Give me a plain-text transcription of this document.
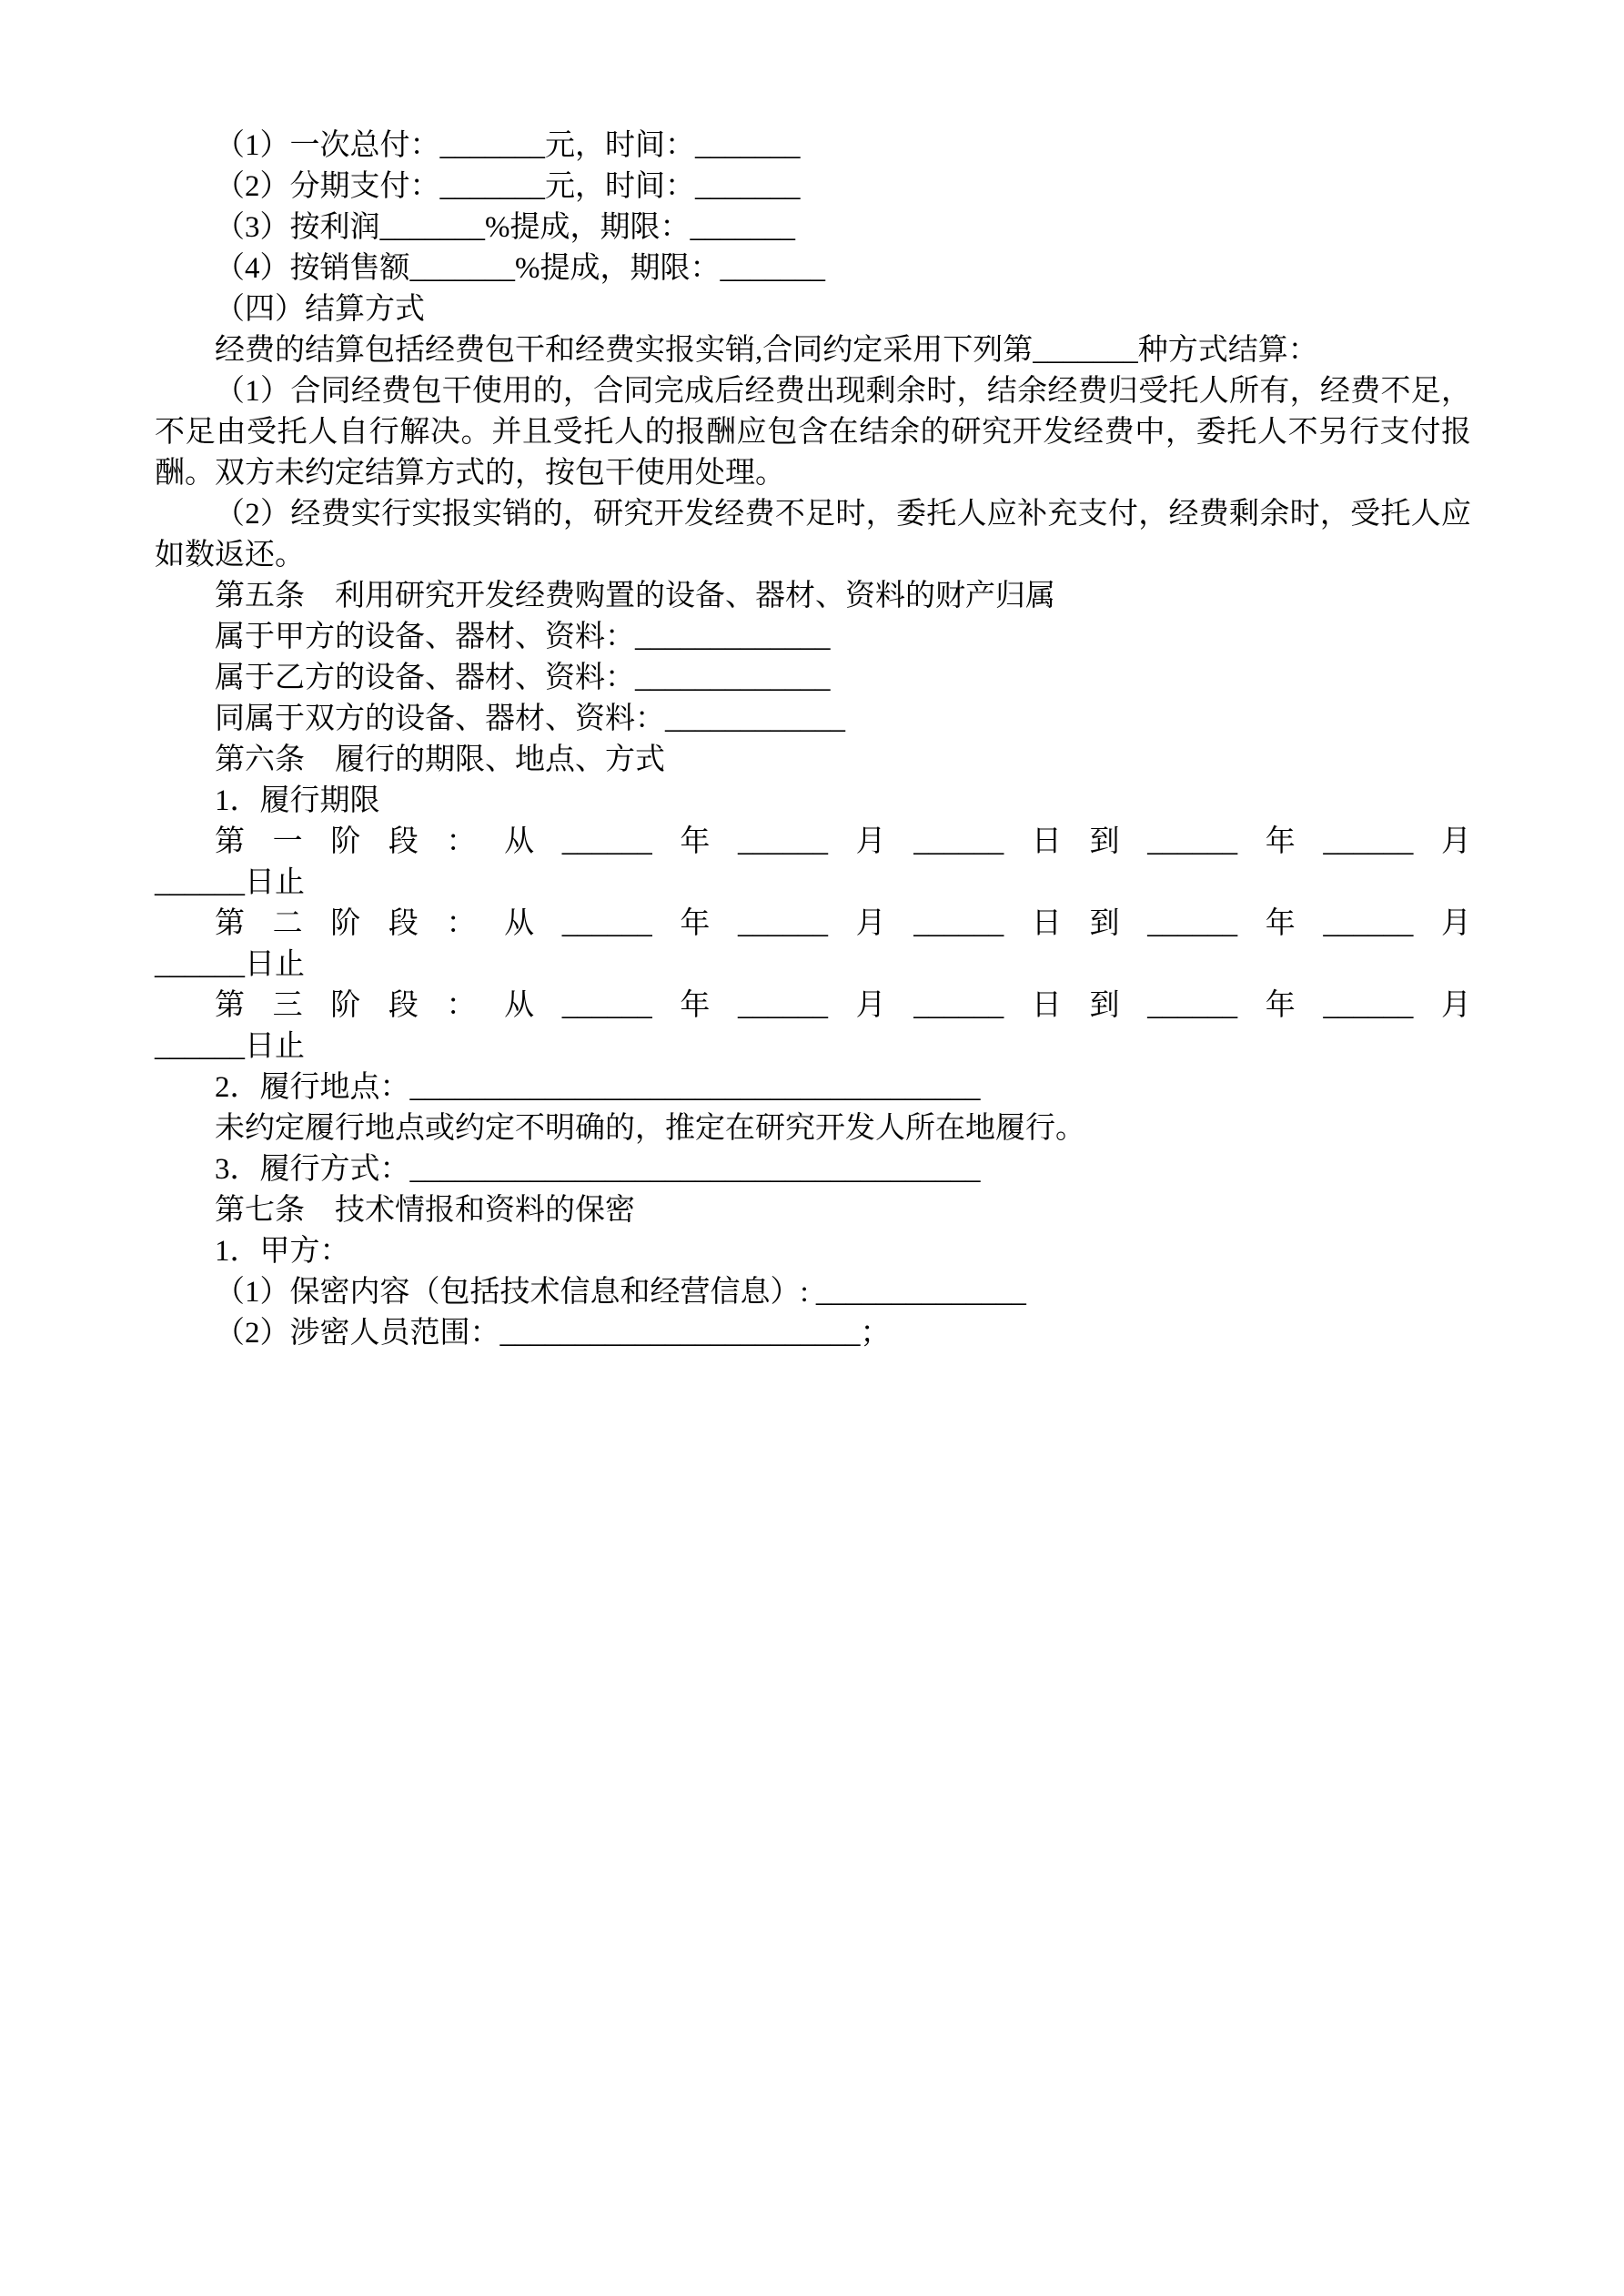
（1）一次总付：_______元，时间：_______

（2）分期支付：_______元，时间：_______

（3）按利润_______%提成，期限：_______

（4）按销售额_______%提成，期限：_______

（四）结算方式

经费的结算包括经费包干和经费实报实销,合同约定采用下列第_______种方式结算：

（1）合同经费包干使用的，合同完成后经费出现剩余时，结余经费归受托人所有，经费不足，不足由受托人自行解决。并且受托人的报酬应包含在结余的研究开发经费中，委托人不另行支付报酬。双方未约定结算方式的，按包干使用处理。

（2）经费实行实报实销的，研究开发经费不足时，委托人应补充支付，经费剩余时，受托人应如数返还。

第五条　利用研究开发经费购置的设备、器材、资料的财产归属

属于甲方的设备、器材、资料：_____________

属于乙方的设备、器材、资料：_____________

同属于双方的设备、器材、资料：____________

第六条　履行的期限、地点、方式

1．履行期限

第一阶段：从______年______月______日到______年______月

______日止

第二阶段：从______年______月______日到______年______月

______日止

第三阶段：从______年______月______日到______年______月

______日止

2．履行地点：______________________________________

未约定履行地点或约定不明确的，推定在研究开发人所在地履行。

3．履行方式：______________________________________

第七条　技术情报和资料的保密

1．甲方：

（1）保密内容（包括技术信息和经营信息）: ______________

（2）涉密人员范围：________________________；
